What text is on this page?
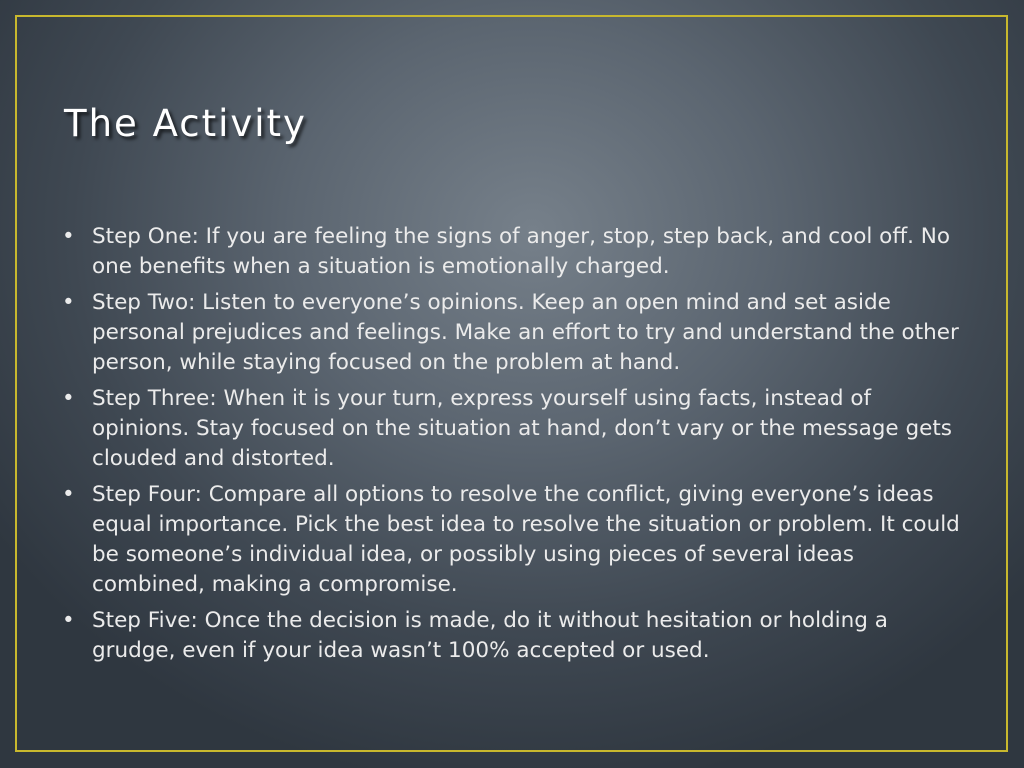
The Activity
• Step One: If you are feeling the signs of anger, stop, step back, and cool off. No one benefits when a situation is emotionally charged.
• Step Two: Listen to everyone’s opinions. Keep an open mind and set aside personal prejudices and feelings. Make an effort to try and understand the other person, while staying focused on the problem at hand.
• Step Three: When it is your turn, express yourself using facts, instead of opinions. Stay focused on the situation at hand, don’t vary or the message gets clouded and distorted.
• Step Four: Compare all options to resolve the conflict, giving everyone’s ideas equal importance. Pick the best idea to resolve the situation or problem. It could be someone’s individual idea, or possibly using pieces of several ideas combined, making a compromise.
• Step Five: Once the decision is made, do it without hesitation or holding a grudge, even if your idea wasn’t 100% accepted or used.
